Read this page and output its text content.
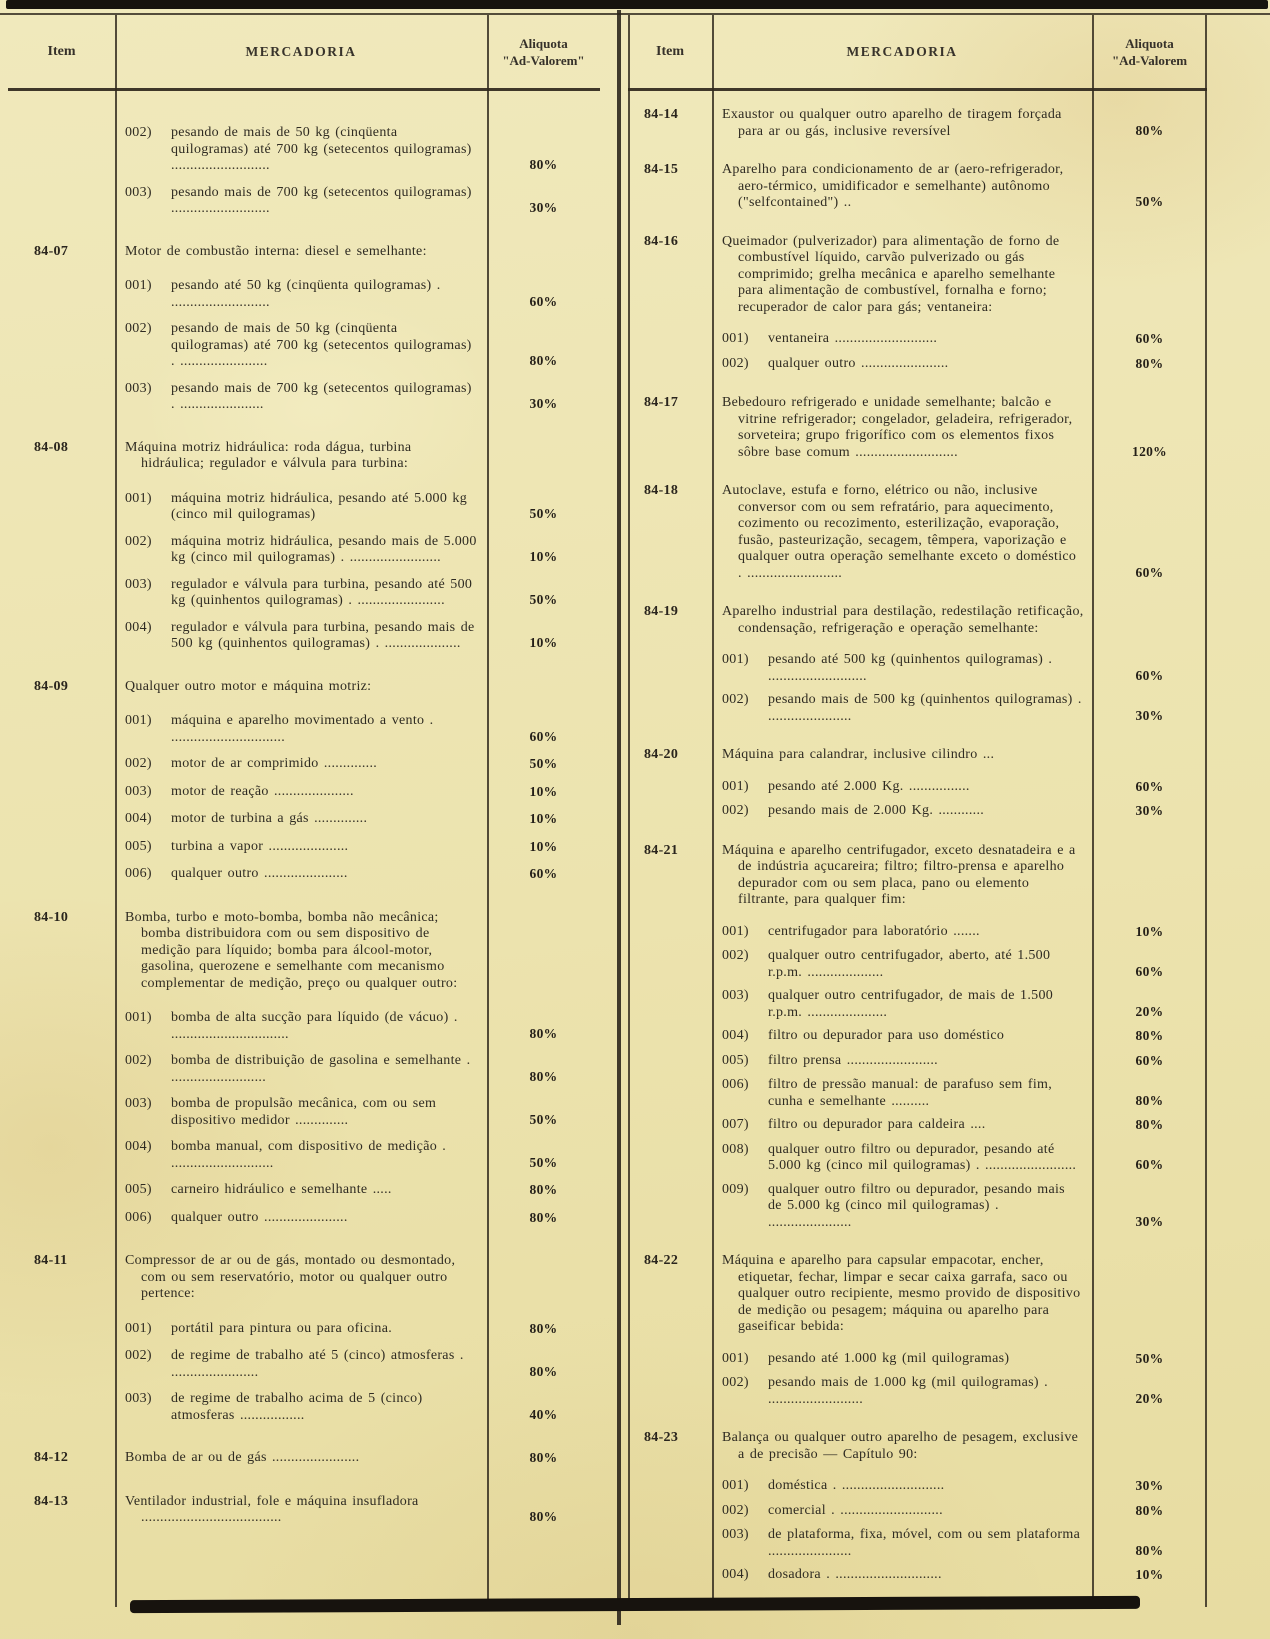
Item	MERCADORIA
Aliquota
"Ad-Valorem"
002)	pesando de mais de 50 kg (cinqüenta quilogramas) até 700 kg (setecentos quilogramas) ..........................	80%
003)	pesando mais de 700 kg (setecentos quilogramas) ..........................	30%
84-07	Motor de combustão interna: diesel e semelhante:
001)	pesando até 50 kg (cinqüenta quilogramas) . ..........................	60%
002)	pesando de mais de 50 kg (cinqüenta quilogramas) até 700 kg (setecentos quilogramas) . .......................	80%
003)	pesando mais de 700 kg (setecentos quilogramas) . ......................	30%
84-08	Máquina motriz hidráulica: roda dágua, turbina hidráulica; regulador e válvula para turbina:
001)	máquina motriz hidráulica, pesando até 5.000 kg (cinco mil quilogramas)	50%
002)	máquina motriz hidráulica, pesando mais de 5.000 kg (cinco mil quilogramas) . ........................	10%
003)	regulador e válvula para turbina, pesando até 500 kg (quinhentos quilogramas) . .......................	50%
004)	regulador e válvula para turbina, pesando mais de 500 kg (quinhentos quilogramas) . ....................	10%
84-09	Qualquer outro motor e máquina motriz:
001)	máquina e aparelho movimentado a vento . ..............................	60%
002)	motor de ar comprimido ..............	50%
003)	motor de reação .....................	10%
004)	motor de turbina a gás ..............	10%
005)	turbina a vapor .....................	10%
006)	qualquer outro ......................	60%
84-10	Bomba, turbo e moto-bomba, bomba não mecânica; bomba distribuidora com ou sem dispositivo de medição para líquido; bomba para álcool-motor, gasolina, querozene e semelhante com mecanismo complementar de medição, preço ou qualquer outro:
001)	bomba de alta sucção para líquido (de vácuo) . ...............................	80%
002)	bomba de distribuição de gasolina e semelhante . .........................	80%
003)	bomba de propulsão mecânica, com ou sem dispositivo medidor ..............	50%
004)	bomba manual, com dispositivo de medição . ...........................	50%
005)	carneiro hidráulico e semelhante .....	80%
006)	qualquer outro ......................	80%
84-11	Compressor de ar ou de gás, montado ou desmontado, com ou sem reservatório, motor ou qualquer outro pertence:
001)	portátil para pintura ou para oficina.	80%
002)	de regime de trabalho até 5 (cinco) atmosferas . .......................	80%
003)	de regime de trabalho acima de 5 (cinco) atmosferas .................	40%
84-12	Bomba de ar ou de gás .......................	80%
84-13	Ventilador industrial, fole e máquina insufladora .....................................	80%
Item	MERCADORIA
Aliquota
"Ad-Valorem
84-14	Exaustor ou qualquer outro aparelho de tiragem forçada para ar ou gás, inclusive reversível	80%
84-15	Aparelho para condicionamento de ar (aero-refrigerador, aero-térmico, umidificador e semelhante) autônomo ("selfcontained") ..	50%
84-16	Queimador (pulverizador) para alimentação de forno de combustível líquido, carvão pulverizado ou gás comprimido; grelha mecânica e aparelho semelhante para alimentação de combustível, fornalha e forno; recuperador de calor para gás; ventaneira:
001)	ventaneira ...........................	60%
002)	qualquer outro .......................	80%
84-17	Bebedouro refrigerado e unidade semelhante; balcão e vitrine refrigerador; congelador, geladeira, refrigerador, sorveteira; grupo frigorífico com os elementos fixos sôbre base comum ...........................	120%
84-18	Autoclave, estufa e forno, elétrico ou não, inclusive conversor com ou sem refratário, para aquecimento, cozimento ou recozimento, esterilização, evaporação, fusão, pasteurização, secagem, têmpera, vaporização e qualquer outra operação semelhante exceto o doméstico . .........................	60%
84-19	Aparelho industrial para destilação, redestilação retificação, condensação, refrigeração e operação semelhante:
001)	pesando até 500 kg (quinhentos quilogramas) . ..........................	60%
002)	pesando mais de 500 kg (quinhentos quilogramas) . ......................	30%
84-20	Máquina para calandrar, inclusive cilindro ...
001)	pesando até 2.000 Kg. ................	60%
002)	pesando mais de 2.000 Kg. ............	30%
84-21	Máquina e aparelho centrifugador, exceto desnatadeira e a de indústria açucareira; filtro; filtro-prensa e aparelho depurador com ou sem placa, pano ou elemento filtrante, para qualquer fim:
001)	centrifugador para laboratório .......	10%
002)	qualquer outro centrifugador, aberto, até 1.500 r.p.m. ....................	60%
003)	qualquer outro centrifugador, de mais de 1.500 r.p.m. .....................	20%
004)	filtro ou depurador para uso doméstico	80%
005)	filtro prensa ........................	60%
006)	filtro de pressão manual: de parafuso sem fim, cunha e semelhante ..........	80%
007)	filtro ou depurador para caldeira ....	80%
008)	qualquer outro filtro ou depurador, pesando até 5.000 kg (cinco mil quilogramas) . ........................	60%
009)	qualquer outro filtro ou depurador, pesando mais de 5.000 kg (cinco mil quilogramas) . ......................	30%
84-22	Máquina e aparelho para capsular empacotar, encher, etiquetar, fechar, limpar e secar caixa garrafa, saco ou qualquer outro recipiente, mesmo provido de dispositivo de medição ou pesagem; máquina ou aparelho para gaseificar bebida:
001)	pesando até 1.000 kg (mil quilogramas)	50%
002)	pesando mais de 1.000 kg (mil quilogramas) . .........................	20%
84-23	Balança ou qualquer outro aparelho de pesagem, exclusive a de precisão — Capítulo 90:
001)	doméstica . ...........................	30%
002)	comercial . ...........................	80%
003)	de plataforma, fixa, móvel, com ou sem plataforma ......................	80%
004)	dosadora . ............................	10%
